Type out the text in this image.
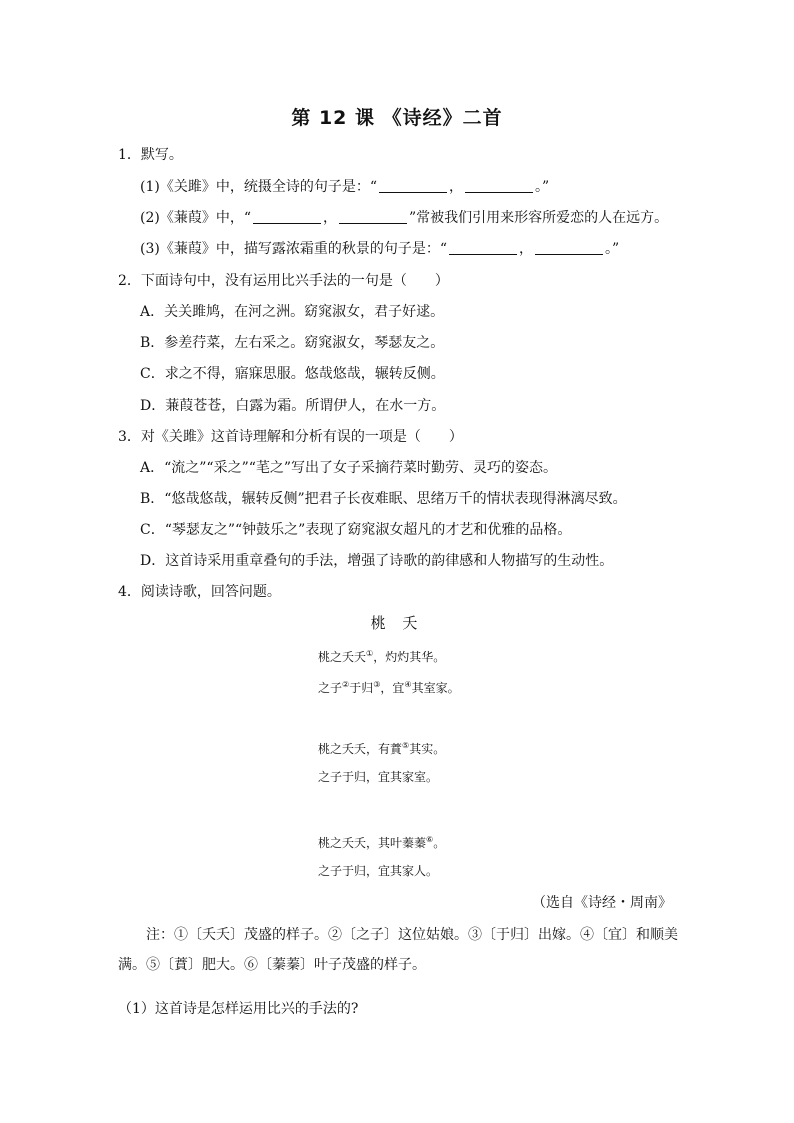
第 12 课 《诗经》二首
1．默写。
(1)《关雎》中，统摄全诗的句子是：“	，	。”
(2)《蒹葭》中，“	，	”常被我们引用来形容所爱恋的人在远方。
(3)《蒹葭》中，描写露浓霜重的秋景的句子是：“	，	。”
2．下面诗句中，没有运用比兴手法的一句是（　　）
A．关关雎鸠，在河之洲。窈窕淑女，君子好逑。
B．参差荇菜，左右采之。窈窕淑女，琴瑟友之。
C．求之不得，寤寐思服。悠哉悠哉，辗转反侧。
D．蒹葭苍苍，白露为霜。所谓伊人，在水一方。
3．对《关雎》这首诗理解和分析有误的一项是（　　）
A．“流之”“采之”“芼之”写出了女子采摘荇菜时勤劳、灵巧的姿态。
B．“悠哉悠哉，辗转反侧”把君子长夜难眠、思绪万千的情状表现得淋漓尽致。
C．“琴瑟友之”“钟鼓乐之”表现了窈窕淑女超凡的才艺和优雅的品格。
D．这首诗采用重章叠句的手法，增强了诗歌的韵律感和人物描写的生动性。
4．阅读诗歌，回答问题。
桃 夭
桃之夭夭①，灼灼其华。
之子②于归③，宜④其室家。
桃之夭夭，有蕡⑤其实。
之子于归，宜其家室。
桃之夭夭，其叶蓁蓁⑥。
之子于归，宜其家人。
（选自《诗经・周南》
注：①〔夭夭〕茂盛的样子。②〔之子〕这位姑娘。③〔于归〕出嫁。④〔宜〕和顺美满。⑤〔蕡〕肥大。⑥〔蓁蓁〕叶子茂盛的样子。
（1）这首诗是怎样运用比兴的手法的?
